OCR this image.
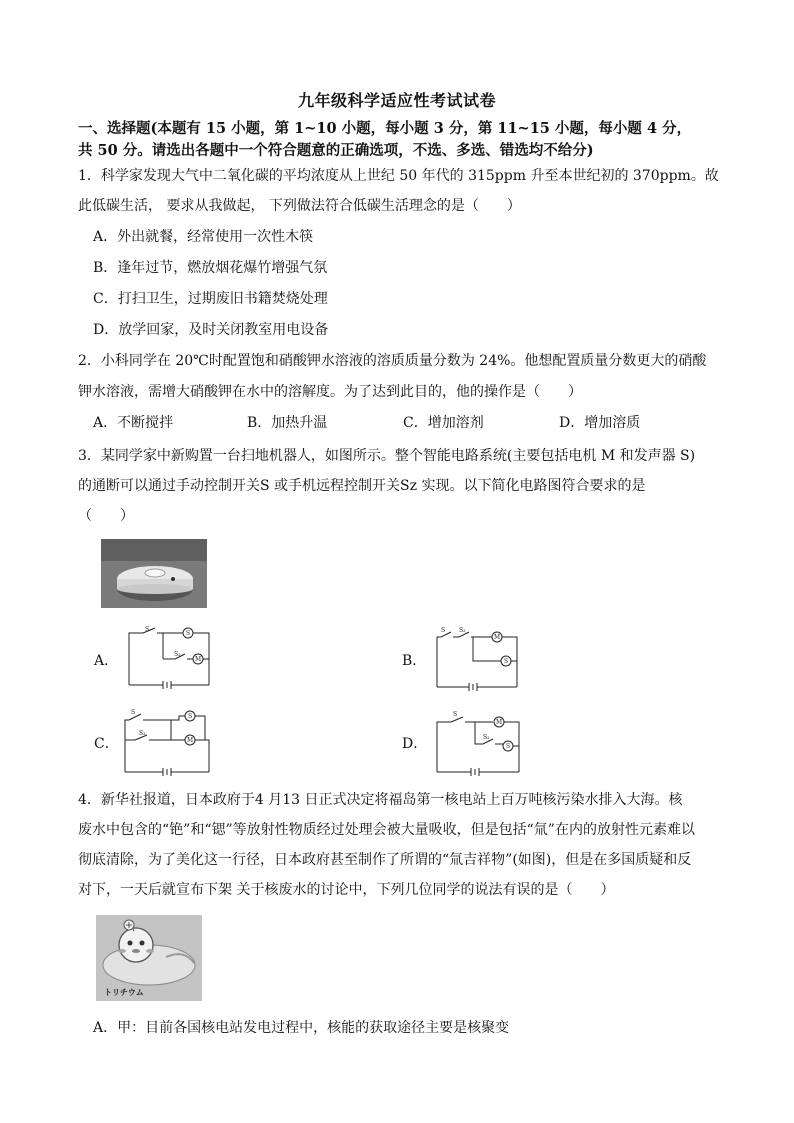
九年级科学适应性考试试卷
一、选择题(本题有 15 小题，第 1~10 小题，每小题 3 分，第 11~15 小题，每小题 4 分，
共 50 分。请选出各题中一个符合题意的正确选项，不选、多选、错选均不给分)
1．科学家发现大气中二氧化碳的平均浓度从上世纪 50 年代的 315ppm 升至本世纪初的 370ppm。故
此低碳生活， 要求从我做起， 下列做法符合低碳生活理念的是（　　）
A．外出就餐，经常使用一次性木筷
B．逢年过节，燃放烟花爆竹增强气氛
C．打扫卫生，过期废旧书籍焚烧处理
D．放学回家，及时关闭教室用电设备
2．小科同学在 20℃时配置饱和硝酸钾水溶液的溶质质量分数为 24%。他想配置质量分数更大的硝酸
钾水溶液，需增大硝酸钾在水中的溶解度。为了达到此目的，他的操作是（　　）
A．不断搅拌	B．加热升温	C．增加溶剂	D．增加溶质
3．某同学家中新购置一台扫地机器人，如图所示。整个智能电路系统(主要包括电机 M 和发声器 S)
的通断可以通过手动控制开关S 或手机远程控制开关Sz 实现。以下简化电路图符合要求的是
（　　）
A．
S
S₂
S
M	B．
S S₂
M
S
C．
S
S₂
S
M	D．
S
S₂
M
S
4．新华社报道，日本政府于4 月13 日正式决定将福岛第一核电站上百万吨核污染水排入大海。核
废水中包含的“铯”和“锶”等放射性物质经过处理会被大量吸收，但是包括“氚”在内的放射性元素难以
彻底清除，为了美化这一行径，日本政府甚至制作了所谓的“氚吉祥物”(如图)，但是在多国质疑和反
对下，一天后就宣布下架 关于核废水的讨论中，下列几位同学的说法有误的是（　　）
トリチウム
A．甲：目前各国核电站发电过程中，核能的获取途径主要是核聚变
